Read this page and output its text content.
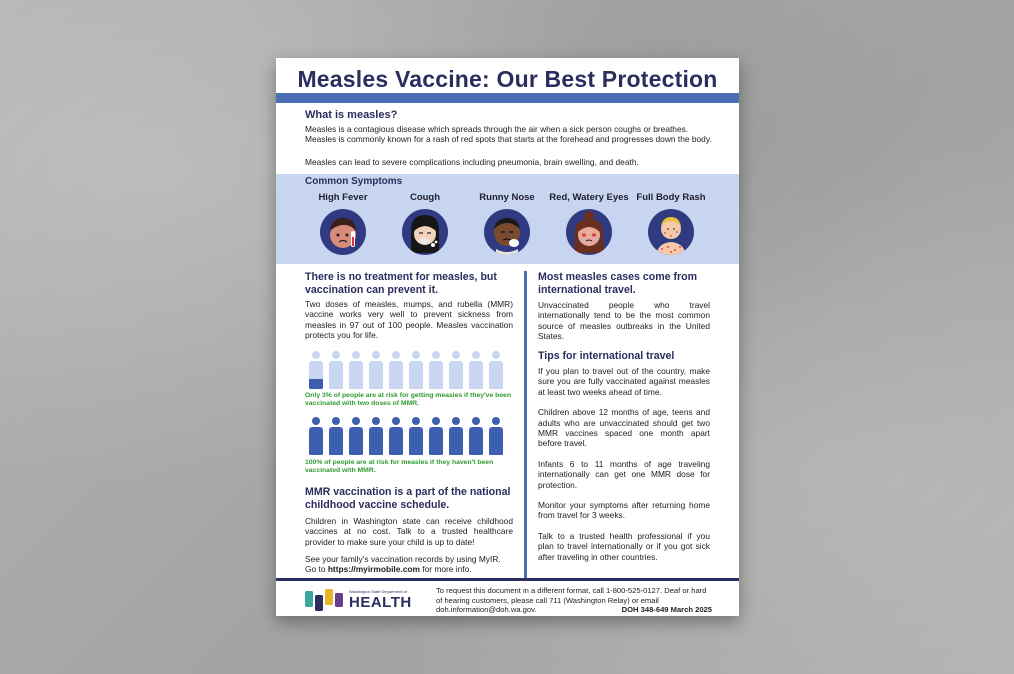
Measles Vaccine: Our Best Protection
What is measles?
Measles is a contagious disease which spreads through the air when a sick person coughs or breathes. Measles is commonly known for a rash of red spots that starts at the forehead and progresses down the body.
Measles can lead to severe complications including pneumonia, brain swelling, and death.
Common Symptoms
High Fever	Cough	Runny Nose	Red, Watery Eyes Full Body Rash
There is no treatment for measles, but vaccination can prevent it.
Two doses of measles, mumps, and rubella (MMR) vaccine works very well to prevent sickness from measles in 97 out of 100 people. Measles vaccination protects you for life.
Only 3% of people are at risk for getting measles if they've been vaccinated with two doses of MMR.
100% of people are at risk for measles if they haven't been vaccinated with MMR.
MMR vaccination is a part of the national childhood vaccine schedule.
Children in Washington state can receive childhood vaccines at no cost. Talk to a trusted healthcare provider to make sure your child is up to date!
See your family's vaccination records by using MyIR.
Go to https://myirmobile.com for more info.
Most measles cases come from international travel.
Unvaccinated people who travel internationally tend to be the most common source of measles outbreaks in the United States.
Tips for international travel
If you plan to travel out of the country, make sure you are fully vaccinated against measles at least two weeks ahead of time.
Children above 12 months of age, teens and adults who are unvaccinated should get two MMR vaccines spaced one month apart before travel.
Infants 6 to 11 months of age traveling internationally can get one MMR dose for protection.
Monitor your symptoms after returning home from travel for 3 weeks.
Talk to a trusted health professional if you plan to travel internationally or if you got sick after traveling in other countries.
Washington State Department of
HEALTH
To request this document in a different format, call 1-800-525-0127. Deaf or hard of hearing customers, please call 711 (Washington Relay) or email doh.information@doh.wa.gov.	DOH 348-649 March 2025
